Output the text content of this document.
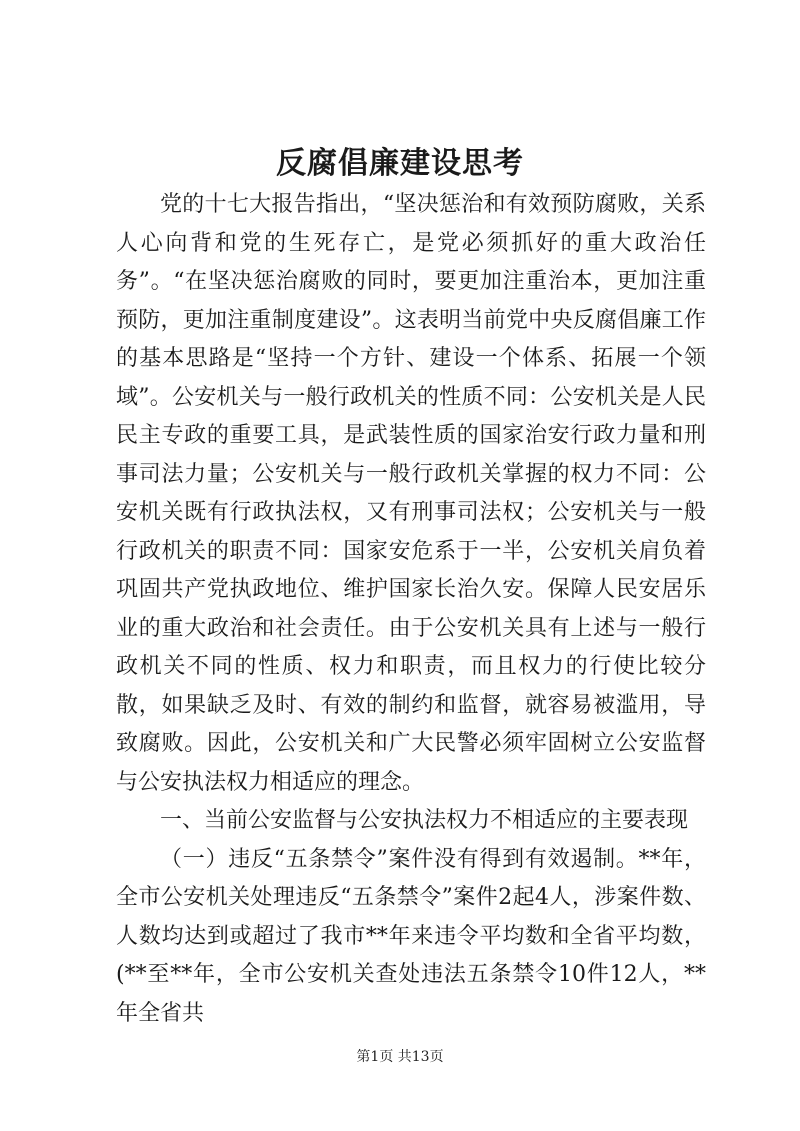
反腐倡廉建设思考

党的十七大报告指出，“坚决惩治和有效预防腐败，关系人心向背和党的生死存亡，是党必须抓好的重大政治任务”。“在坚决惩治腐败的同时，要更加注重治本，更加注重预防，更加注重制度建设”。这表明当前党中央反腐倡廉工作的基本思路是“坚持一个方针、建设一个体系、拓展一个领域”。公安机关与一般行政机关的性质不同：公安机关是人民民主专政的重要工具，是武装性质的国家治安行政力量和刑事司法力量；公安机关与一般行政机关掌握的权力不同：公安机关既有行政执法权，又有刑事司法权；公安机关与一般行政机关的职责不同：国家安危系于一半，公安机关肩负着巩固共产党执政地位、维护国家长治久安。保障人民安居乐业的重大政治和社会责任。由于公安机关具有上述与一般行政机关不同的性质、权力和职责，而且权力的行使比较分散，如果缺乏及时、有效的制约和监督，就容易被滥用，导致腐败。因此，公安机关和广大民警必须牢固树立公安监督与公安执法权力相适应的理念。

一、当前公安监督与公安执法权力不相适应的主要表现

（一）违反“五条禁令”案件没有得到有效遏制。**年，全市公安机关处理违反“五条禁令”案件2起4人，涉案件数、人数均达到或超过了我市**年来违令平均数和全省平均数，(**至**年，全市公安机关查处违法五条禁令10件12人，**年全省共

第1页 共13页
